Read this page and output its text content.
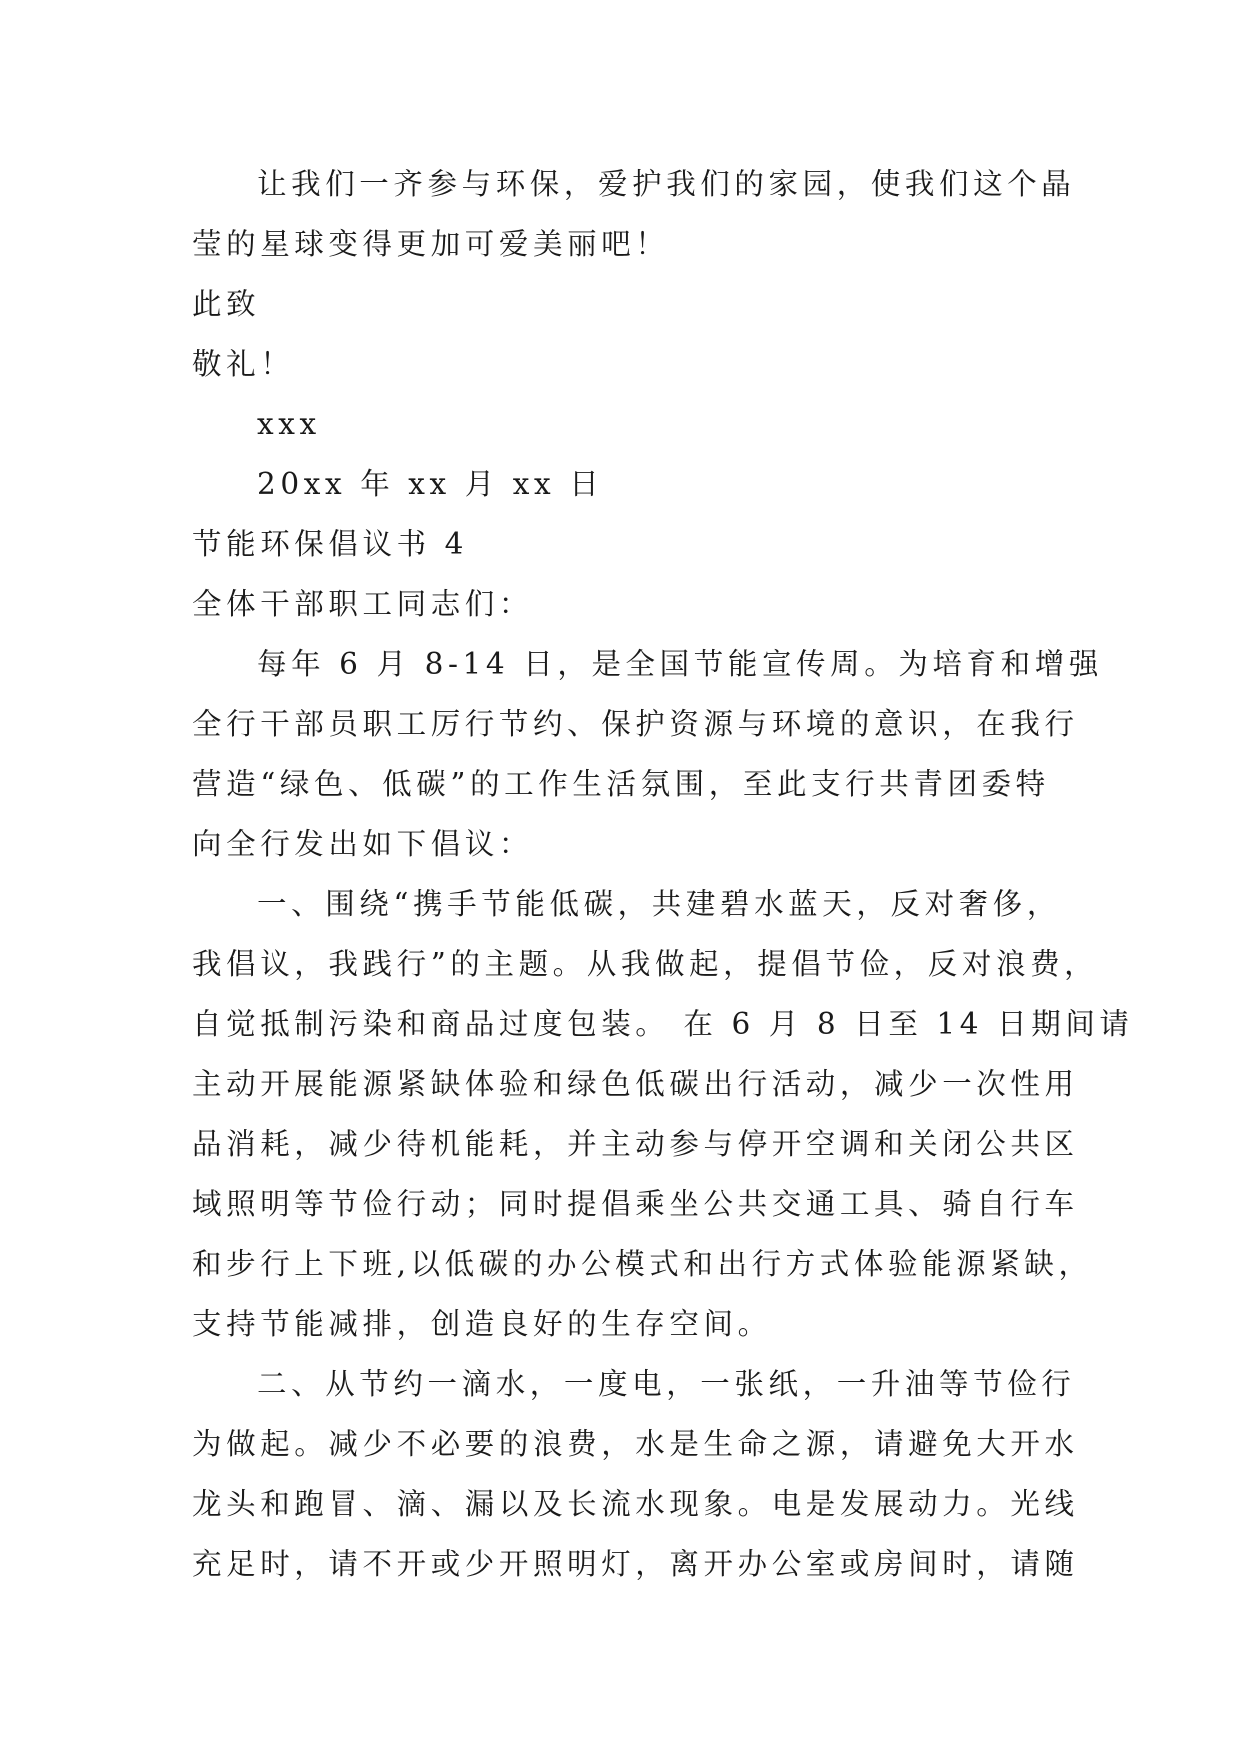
让我们一齐参与环保，爱护我们的家园，使我们这个晶
莹的星球变得更加可爱美丽吧！

此致

敬礼！

xxx

20xx 年 xx 月 xx 日

节能环保倡议书 4

全体干部职工同志们：

每年 6 月 8-14 日，是全国节能宣传周。为培育和增强
全行干部员职工厉行节约、保护资源与环境的意识，在我行
营造“绿色、低碳”的工作生活氛围，至此支行共青团委特
向全行发出如下倡议：

一、围绕“携手节能低碳，共建碧水蓝天，反对奢侈，
我倡议，我践行”的主题。从我做起，提倡节俭，反对浪费，
自觉抵制污染和商品过度包装。 在 6 月 8 日至 14 日期间请
主动开展能源紧缺体验和绿色低碳出行活动，减少一次性用
品消耗，减少待机能耗，并主动参与停开空调和关闭公共区
域照明等节俭行动；同时提倡乘坐公共交通工具、骑自行车
和步行上下班,以低碳的办公模式和出行方式体验能源紧缺，
支持节能减排，创造良好的生存空间。

二、从节约一滴水，一度电，一张纸，一升油等节俭行
为做起。减少不必要的浪费，水是生命之源，请避免大开水
龙头和跑冒、滴、漏以及长流水现象。电是发展动力。光线
充足时，请不开或少开照明灯，离开办公室或房间时，请随
